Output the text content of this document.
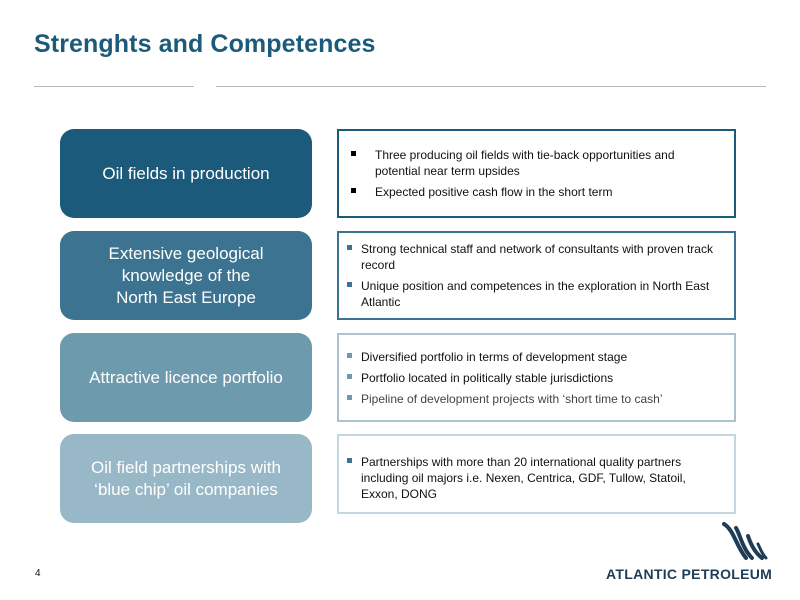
Strenghts and Competences
Oil fields in production
Three producing oil fields with tie-back opportunities and potential near term upsides
Expected positive cash flow in the short term
Extensive geological
knowledge of the
North East Europe
Strong technical staff and network of consultants with proven track record
Unique position and competences in the exploration in North East Atlantic
Attractive licence portfolio
Diversified portfolio in terms of development stage
Portfolio located in politically stable jurisdictions
Pipeline of development projects with ‘short time to cash’
Oil field partnerships with
‘blue chip’ oil companies
Partnerships with more than 20 international quality partners including oil majors i.e. Nexen, Centrica, GDF, Tullow, Statoil, Exxon, DONG
4	ATLANTIC PETROLEUM
